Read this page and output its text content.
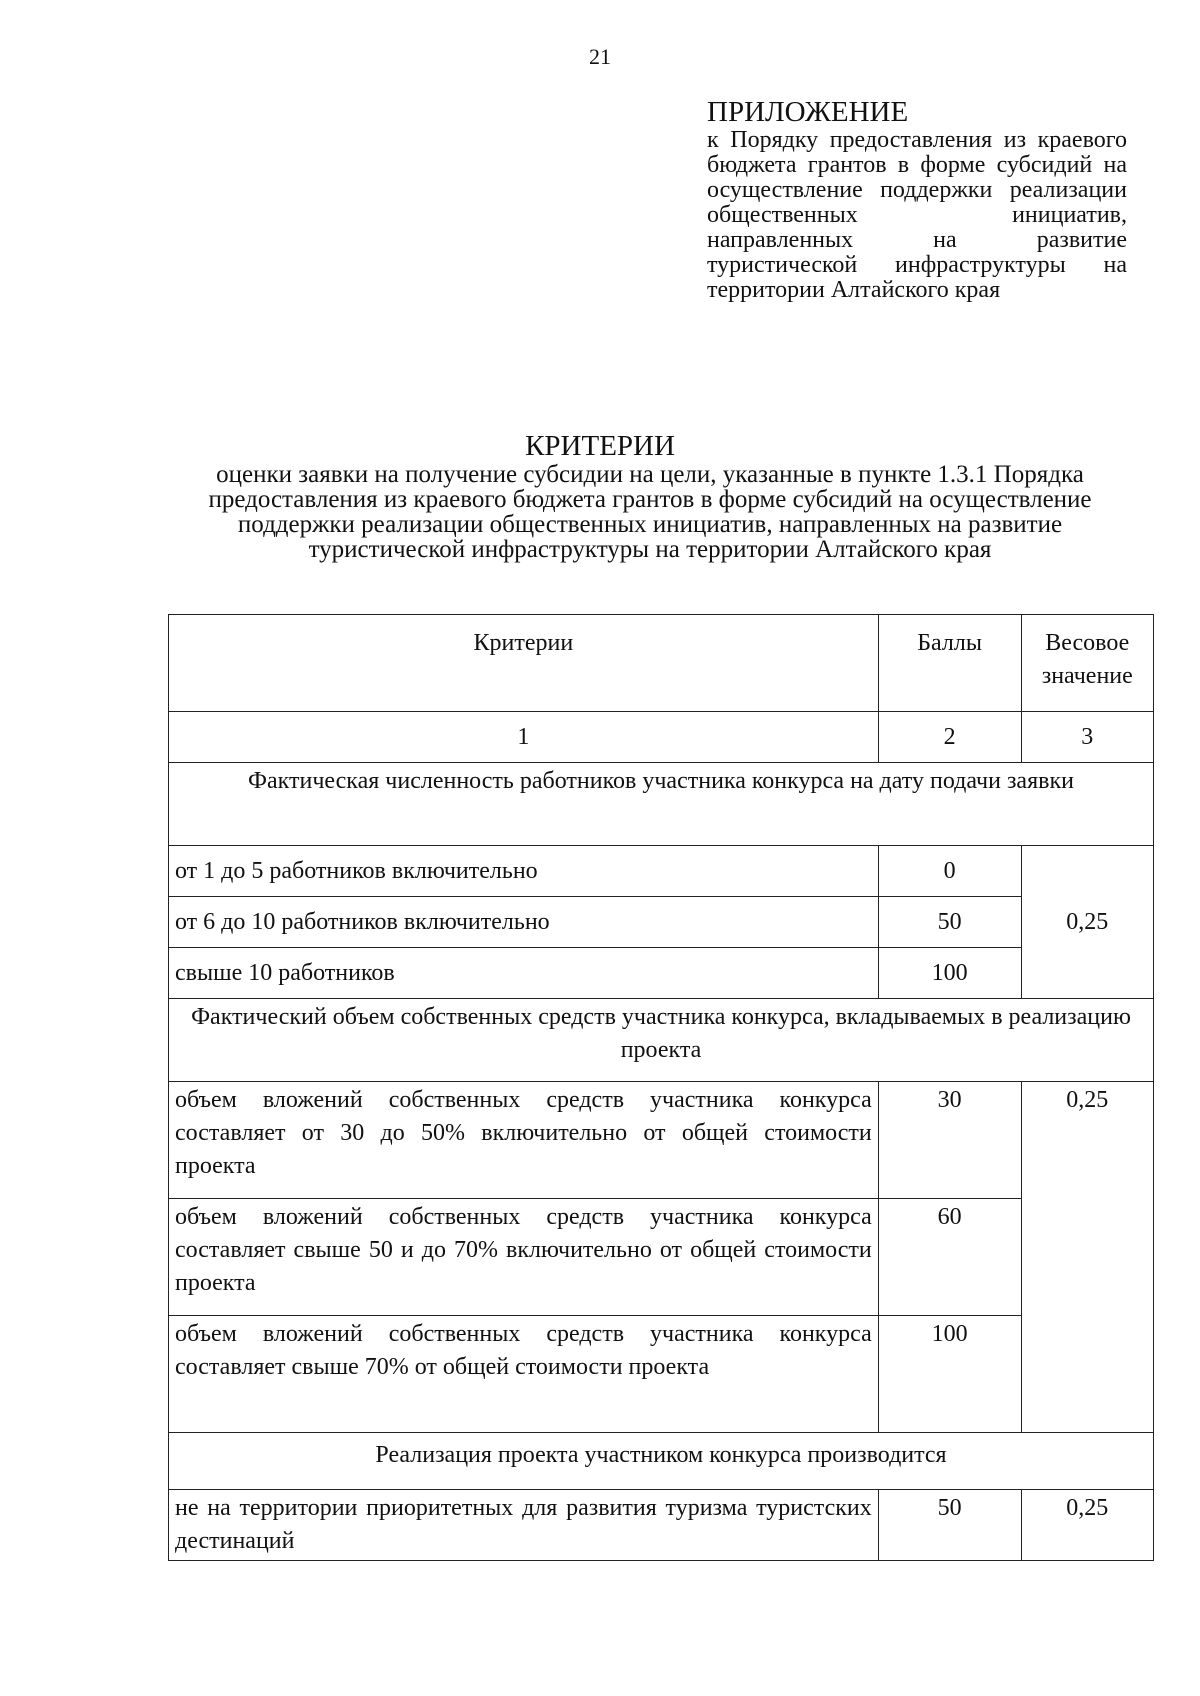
21
ПРИЛОЖЕНИЕ
к Порядку предоставления из краевого бюджета грантов в форме субсидий на осуществление поддержки реализации общественных инициатив, направленных на развитие туристической инфраструктуры на территории Алтайского края
КРИТЕРИИ
оценки заявки на получение субсидии на цели, указанные в пункте 1.3.1 Порядка предоставления из краевого бюджета грантов в форме субсидий на осуществление поддержки реализации общественных инициатив, направленных на развитие туристической инфраструктуры на территории Алтайского края
Критерии	Баллы	Весовое значение
1	2	3
Фактическая численность работников участника конкурса на дату подачи заявки		
от 1 до 5 работников включительно	0	0,25
от 6 до 10 работников включительно	50	
свыше 10 работников	100	
Фактический объем собственных средств участника конкурса, вкладываемых в реализацию проекта		
объем вложений собственных средств участника конкурса составляет от 30 до 50% включительно от общей стоимости проекта	30	0,25
объем вложений собственных средств участника конкурса составляет свыше 50 и до 70% включительно от общей стоимости проекта	60	
объем вложений собственных средств участника конкурса составляет свыше 70% от общей стоимости проекта	100	
Реализация проекта участником конкурса производится		
не на территории приоритетных для развития туризма туристских дестинаций	50	0,25
